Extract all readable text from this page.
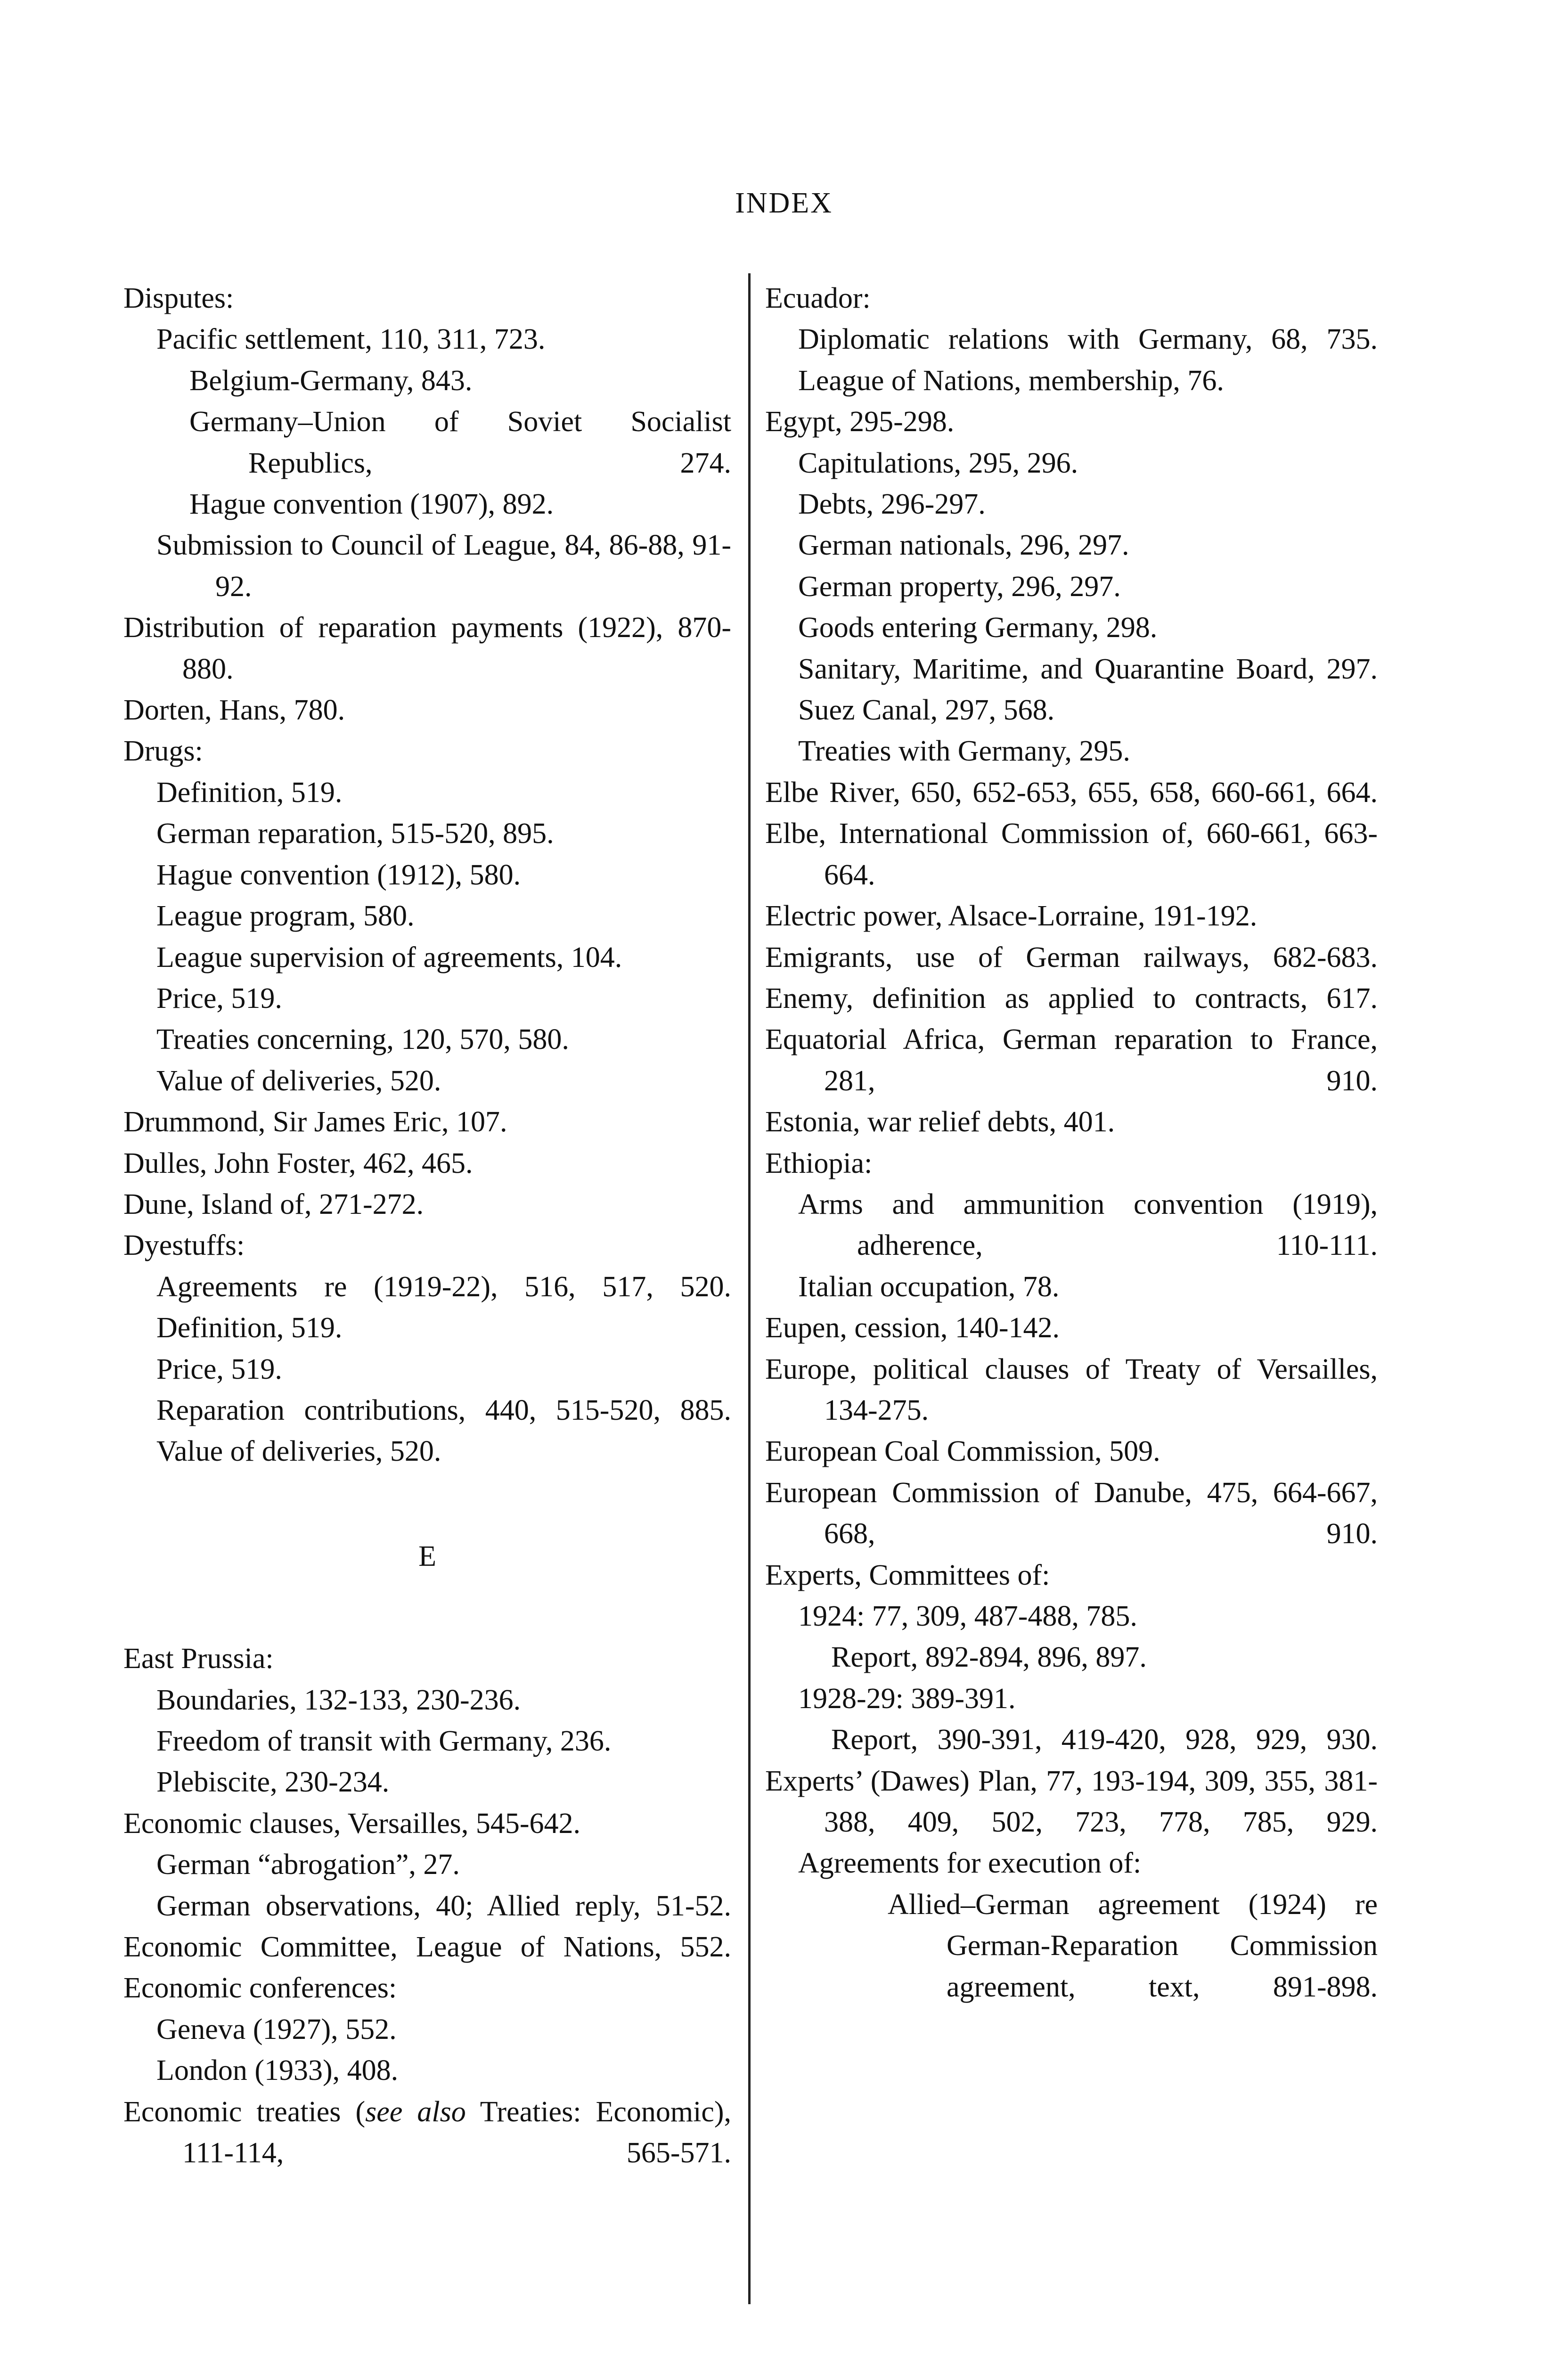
INDEX
Disputes:
Pacific settlement, 110, 311, 723.
Belgium-Germany, 843.
Germany–Union of Soviet Socialist Republics, 274.
Hague convention (1907), 892.
Submission to Council of League, 84, 86-88, 91-92.
Distribution of reparation payments (1922), 870-880.
Dorten, Hans, 780.
Drugs:
Definition, 519.
German reparation, 515-520, 895.
Hague convention (1912), 580.
League program, 580.
League supervision of agreements, 104.
Price, 519.
Treaties concerning, 120, 570, 580.
Value of deliveries, 520.
Drummond, Sir James Eric, 107.
Dulles, John Foster, 462, 465.
Dune, Island of, 271-272.
Dyestuffs:
Agreements re (1919-22), 516, 517, 520.
Definition, 519.
Price, 519.
Reparation contributions, 440, 515-520, 885.
Value of deliveries, 520.
E
East Prussia:
Boundaries, 132-133, 230-236.
Freedom of transit with Germany, 236.
Plebiscite, 230-234.
Economic clauses, Versailles, 545-642.
German “abrogation”, 27.
German observations, 40; Allied reply, 51-52.
Economic Committee, League of Nations, 552.
Economic conferences:
Geneva (1927), 552.
London (1933), 408.
Economic treaties (see also Treaties: Economic), 111-114, 565-571.
Ecuador:
Diplomatic relations with Germany, 68, 735.
League of Nations, membership, 76.
Egypt, 295-298.
Capitulations, 295, 296.
Debts, 296-297.
German nationals, 296, 297.
German property, 296, 297.
Goods entering Germany, 298.
Sanitary, Maritime, and Quarantine Board, 297.
Suez Canal, 297, 568.
Treaties with Germany, 295.
Elbe River, 650, 652-653, 655, 658, 660-661, 664.
Elbe, International Commission of, 660-661, 663-664.
Electric power, Alsace-Lorraine, 191-192.
Emigrants, use of German railways, 682-683.
Enemy, definition as applied to contracts, 617.
Equatorial Africa, German reparation to France, 281, 910.
Estonia, war relief debts, 401.
Ethiopia:
Arms and ammunition convention (1919), adherence, 110-111.
Italian occupation, 78.
Eupen, cession, 140-142.
Europe, political clauses of Treaty of Versailles, 134-275.
European Coal Commission, 509.
European Commission of Danube, 475, 664-667, 668, 910.
Experts, Committees of:
1924: 77, 309, 487-488, 785.
Report, 892-894, 896, 897.
1928-29: 389-391.
Report, 390-391, 419-420, 928, 929, 930.
Experts’ (Dawes) Plan, 77, 193-194, 309, 355, 381-388, 409, 502, 723, 778, 785, 929.
Agreements for execution of:
Allied–German agreement (1924) re German-Reparation Commission agreement, text, 891-898.
